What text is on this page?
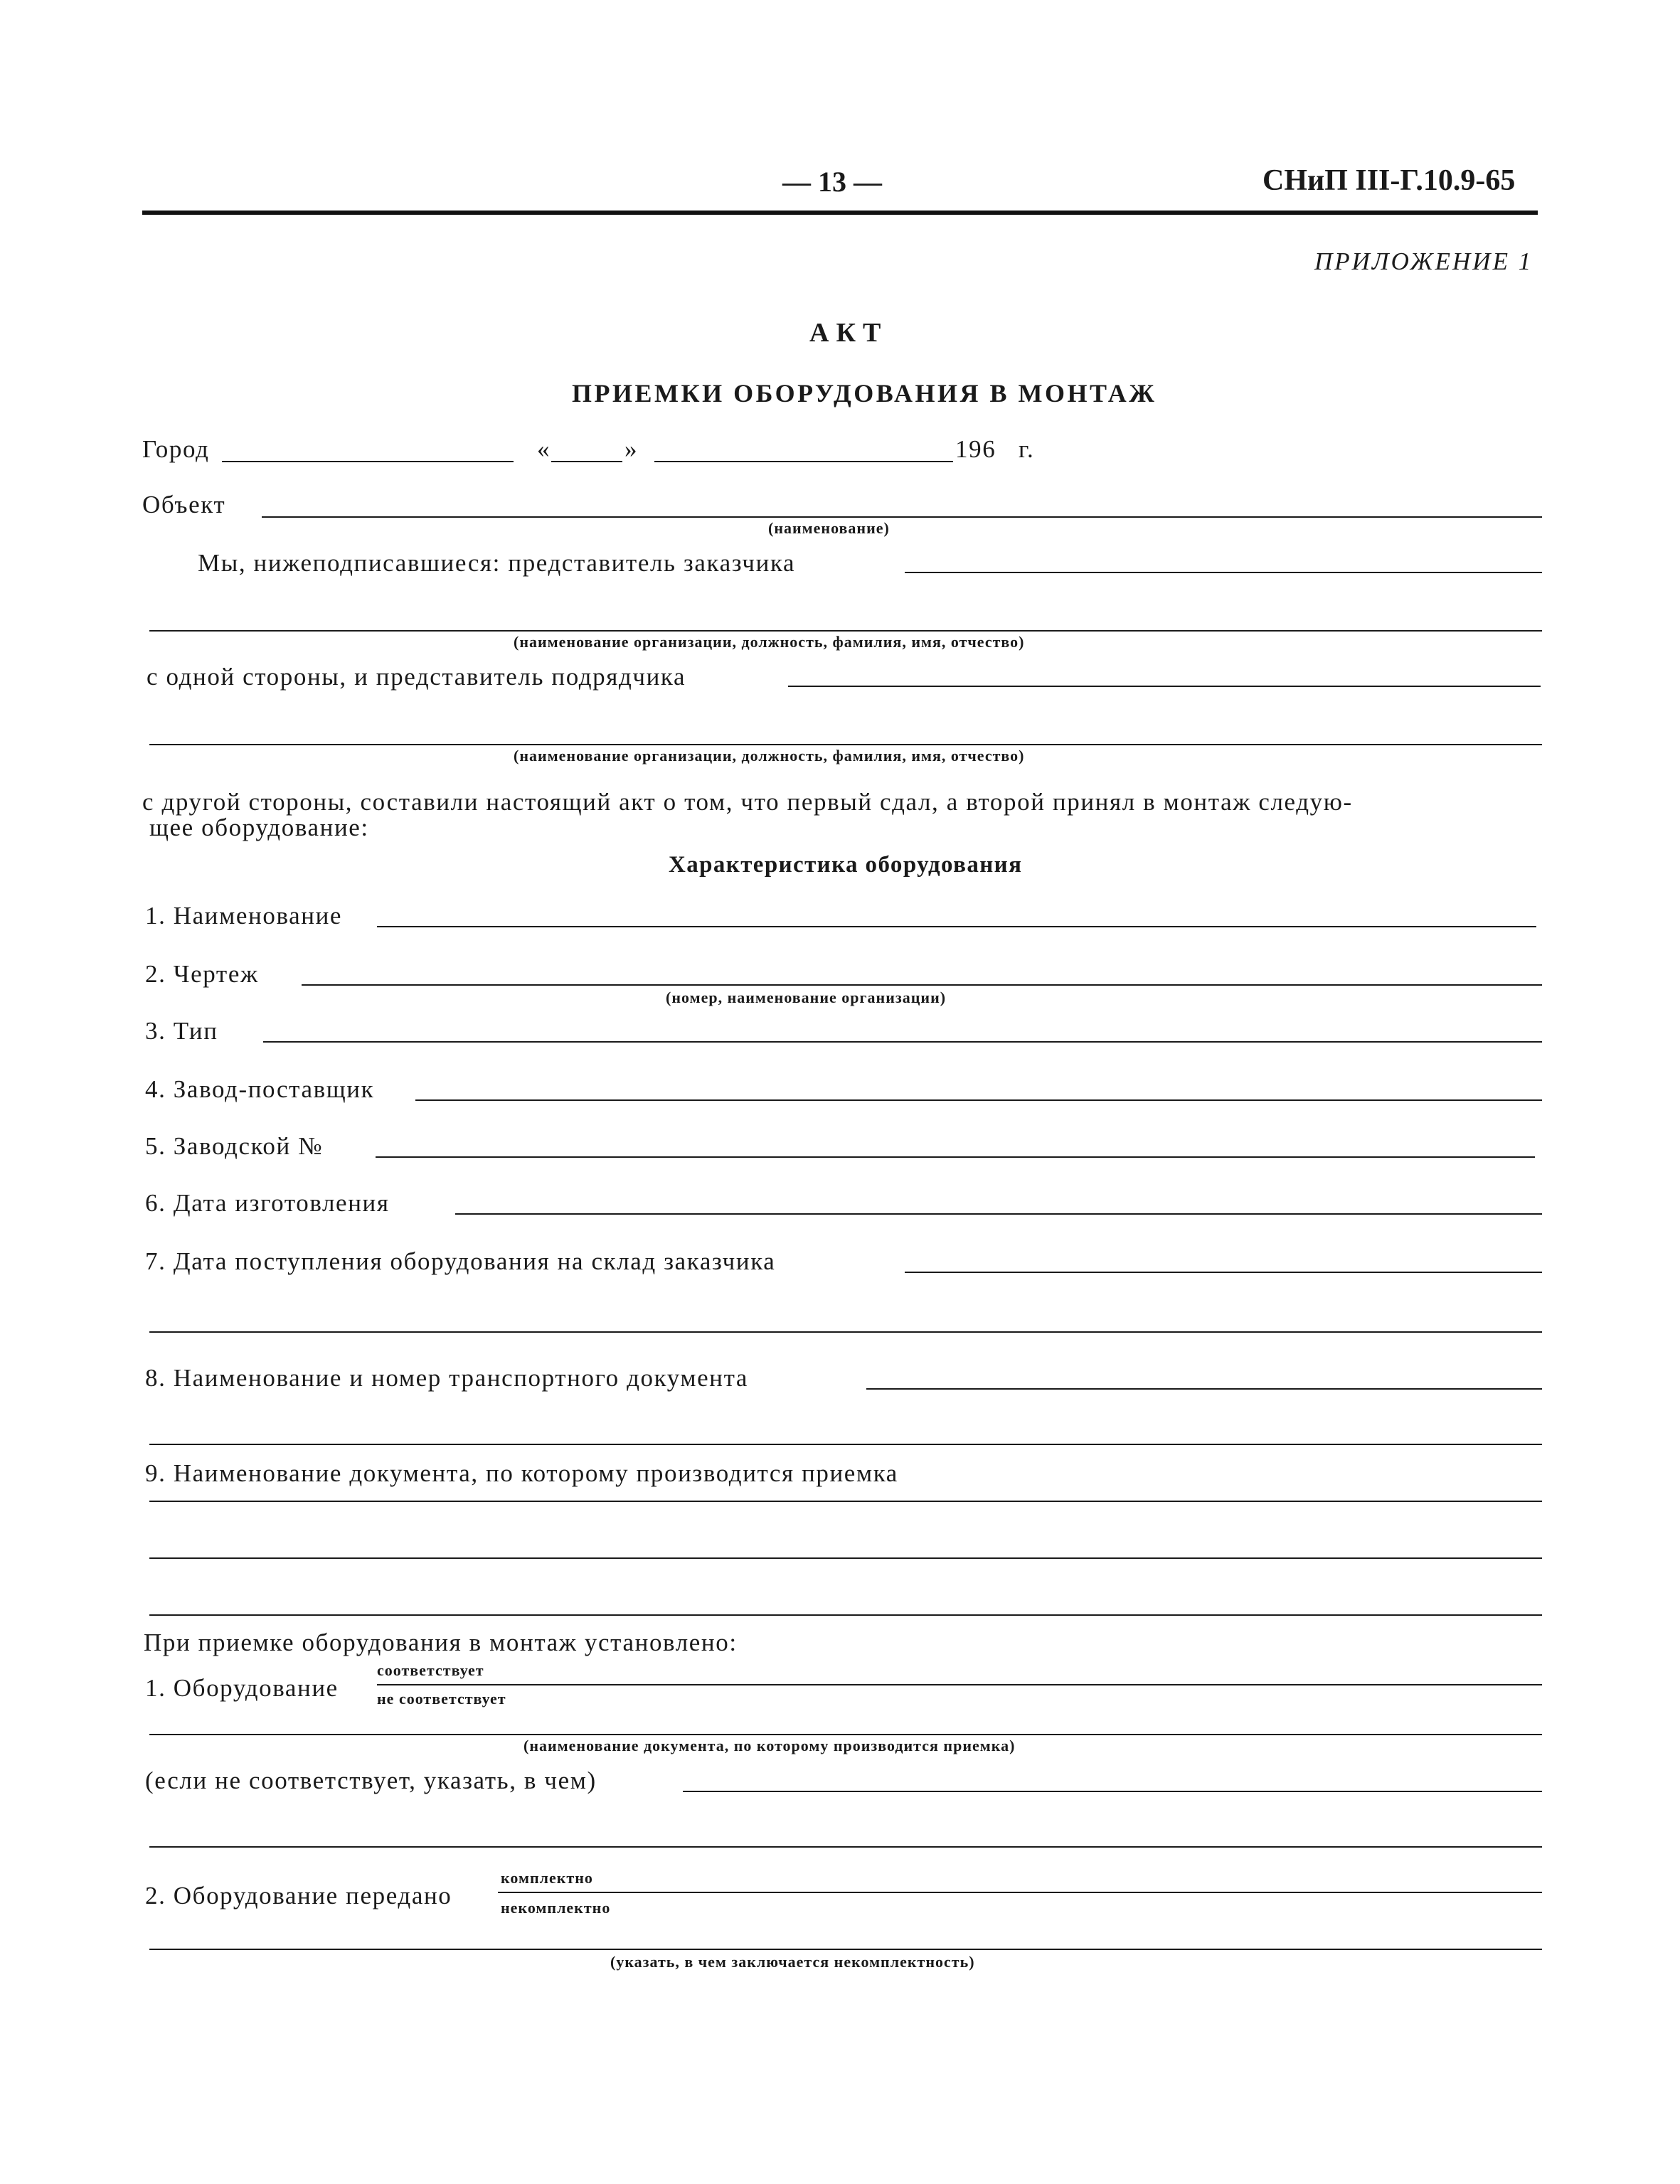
— 13 —	СНиП III-Г.10.9-65
ПРИЛОЖЕНИЕ 1
АКТ
ПРИЕМКИ ОБОРУДОВАНИЯ В МОНТАЖ
Город	«	»	196 г.
Объект
(наименование)
Мы, нижеподписавшиеся: представитель заказчика
(наименование организации, должность, фамилия, имя, отчество)
с одной стороны, и представитель подрядчика
(наименование организации, должность, фамилия, имя, отчество)
с другой стороны, составили настоящий акт о том, что первый сдал, а второй принял в монтаж следую-
щее оборудование:
Характеристика оборудования
1. Наименование
2. Чертеж
(номер, наименование организации)
3. Тип
4. Завод-поставщик
5. Заводской №
6. Дата изготовления
7. Дата поступления оборудования на склад заказчика
8. Наименование и номер транспортного документа
9. Наименование документа, по которому производится приемка
При приемке оборудования в монтаж установлено:
1. Оборудование
соответствует
не соответствует
(наименование документа, по которому производится приемка)
(если не соответствует, указать, в чем)
2. Оборудование передано
комплектно
некомплектно
(указать, в чем заключается некомплектность)
